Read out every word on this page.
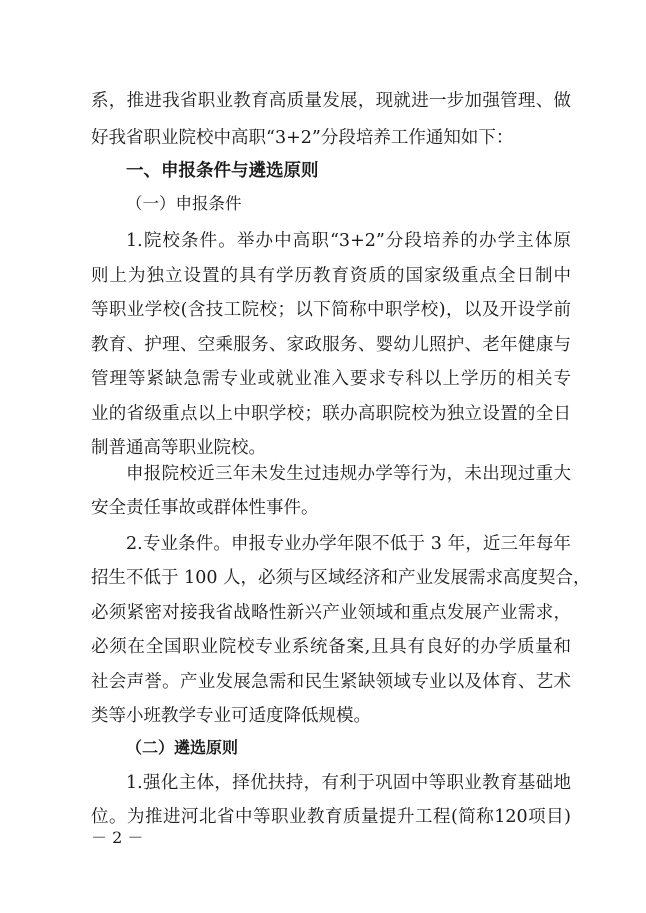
系，推进我省职业教育高质量发展，现就进一步加强管理、做
好我省职业院校中高职“3+2”分段培养工作通知如下：
一、申报条件与遴选原则
（一）申报条件
1.院校条件。举办中高职“3+2”分段培养的办学主体原
则上为独立设置的具有学历教育资质的国家级重点全日制中
等职业学校(含技工院校；以下简称中职学校)，以及开设学前
教育、护理、空乘服务、家政服务、婴幼儿照护、老年健康与
管理等紧缺急需专业或就业准入要求专科以上学历的相关专
业的省级重点以上中职学校；联办高职院校为独立设置的全日
制普通高等职业院校。
申报院校近三年未发生过违规办学等行为，未出现过重大
安全责任事故或群体性事件。
2.专业条件。申报专业办学年限不低于 3 年，近三年每年
招生不低于 100 人，必须与区域经济和产业发展需求高度契合，
必须紧密对接我省战略性新兴产业领域和重点发展产业需求，
必须在全国职业院校专业系统备案,且具有良好的办学质量和
社会声誉。产业发展急需和民生紧缺领域专业以及体育、艺术
类等小班教学专业可适度降低规模。
（二）遴选原则
1.强化主体，择优扶持，有利于巩固中等职业教育基础地
位。为推进河北省中等职业教育质量提升工程(简称120项目)
－ 2 －
